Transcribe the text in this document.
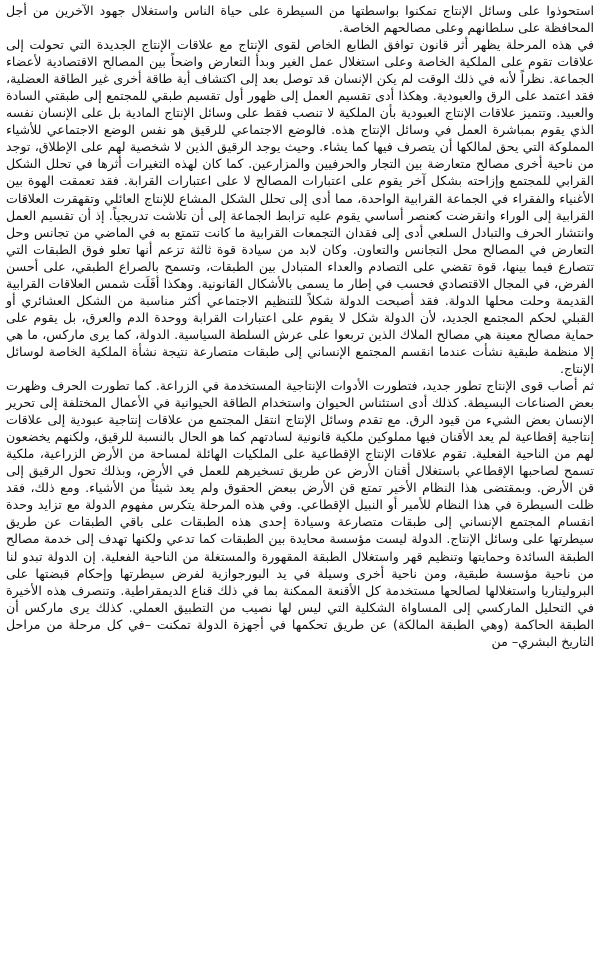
استحوذوا على وسائل الإنتاج تمكنوا بواسطتها من السيطرة على حياة الناس واستغلال جهود الآخرين من أجل المحافظة على سلطانهم وعلى مصالحهم الخاصة.

في هذه المرحلة يظهر أثر قانون توافق الطابع الخاص لقوى الإنتاج مع علاقات الإنتاج الجديدة التي تحولت إلى علاقات تقوم على الملكية الخاصة وعلى استغلال عمل الغير وبدأ التعارض واضحاً بين المصالح الاقتصادية لأعضاء الجماعة. نظراً لأنه في ذلك الوقت لم يكن الإنسان قد توصل بعد إلى اكتشاف أية طاقة أخرى غير الطاقة العضلية، فقد اعتمد على الرق والعبودية. وهكذا أدى تقسيم العمل إلى ظهور أول تقسيم طبقي للمجتمع إلى طبقتي السادة والعبيد. وتتميز علاقات الإنتاج العبودية بأن الملكية لا تنصب فقط على وسائل الإنتاج المادية بل على الإنسان نفسه الذي يقوم بمباشرة العمل في وسائل الإنتاج هذه. فالوضع الاجتماعي للرقيق هو نفس الوضع الاجتماعي للأشياء المملوكة التي يحق لمالكها أن يتصرف فيها كما يشاء. وحيث يوجد الرقيق الذين لا شخصية لهم على الإطلاق، توجد من ناحية أخرى مصالح متعارضة بين التجار والحرفيين والمزارعين. كما كان لهذه التغيرات أثرها في تحلل الشكل القرابي للمجتمع وإزاحته بشكل آخر يقوم على اعتبارات المصالح لا على اعتبارات القرابة. فقد تعمقت الهوة بين الأغنياء والفقراء في الجماعة القرابية الواحدة، مما أدى إلى تحلل الشكل المشاع للإنتاج العائلي وتقهقرت العلاقات القرابية إلى الوراء وانقرضت كعنصر أساسي يقوم عليه ترابط الجماعة إلى أن تلاشت تدريجياً. إذ أن تقسيم العمل وانتشار الحرف والتبادل السلعي أدى إلى فقدان التجمعات القرابية ما كانت تتمتع به في الماضي من تجانس وحل التعارض في المصالح محل التجانس والتعاون. وكان لابد من سيادة قوة ثالثة تزعم أنها تعلو فوق الطبقات التي تتصارع فيما بينها، قوة تقضي على التصادم والعداء المتبادل بين الطبقات، وتسمح بالصراع الطبقي، على أحسن الفرض، في المجال الاقتصادي فحسب في إطار ما يسمى بالأشكال القانونية. وهكذا أفَلَت شمس العلاقات القرابية القديمة وحلت محلها الدولة. فقد أصبحت الدولة شكلاً للتنظيم الاجتماعي أكثر مناسبة من الشكل العشائري أو القبلي لحكم المجتمع الجديد، لأن الدولة شكل لا يقوم على اعتبارات القرابة ووحدة الدم والعرق، بل يقوم على حماية مصالح معينة هي مصالح الملاك الذين تربعوا على عرش السلطة السياسية. الدولة، كما يرى ماركس، ما هي إلا منظمة طبقية نشأت عندما انقسم المجتمع الإنساني إلى طبقات متصارعة نتيجة نشأة الملكية الخاصة لوسائل الإنتاج.

ثم أصاب قوى الإنتاج تطور جديد، فتطورت الأدوات الإنتاجية المستخدمة في الزراعة. كما تطورت الحرف وظهرت بعض الصناعات البسيطة. كذلك أدى استئناس الحيوان واستخدام الطاقة الحيوانية في الأعمال المختلفة إلى تحرير الإنسان بعض الشيء من قيود الرق. مع تقدم وسائل الإنتاج انتقل المجتمع من علاقات إنتاجية عبودية إلى علاقات إنتاجية إقطاعية لم يعد الأقنان فيها مملوكين ملكية قانونية لسادتهم كما هو الحال بالنسبة للرقيق، ولكنهم يخضعون لهم من الناحية الفعلية. تقوم علاقات الإنتاج الإقطاعية على الملكيات الهائلة لمساحة من الأرض الزراعية، ملكية تسمح لصاحبها الإقطاعي باستغلال أقنان الأرض عن طريق تسخيرهم للعمل في الأرض، وبذلك تحول الرقيق إلى قن الأرض. وبمقتضى هذا النظام الأخير تمتع قن الأرض ببعض الحقوق ولم يعد شيئاً من الأشياء. ومع ذلك، فقد ظلت السيطرة في هذا النظام للأمير أو النبيل الإقطاعي. وفي هذه المرحلة يتكرس مفهوم الدولة مع تزايد وحدة انقسام المجتمع الإنساني إلى طبقات متصارعة وسيادة إحدى هذه الطبقات على باقي الطبقات عن طريق سيطرتها على وسائل الإنتاج. الدولة ليست مؤسسة محايدة بين الطبقات كما تدعي ولكنها تهدف إلى خدمة مصالح الطبقة السائدة وحمايتها وتنظيم قهر واستغلال الطبقة المقهورة والمستغلة من الناحية الفعلية. إن الدولة تبدو لنا من ناحية مؤسسة طبقية، ومن ناحية أخرى وسيلة في يد البورجوازية لفرض سيطرتها وإحكام قبضتها على البروليتاريا واستغلالها لصالحها مستخدمة كل الأقنعة الممكنة بما في ذلك قناع الديمقراطية. وتنصرف هذه الأخيرة في التحليل الماركسي إلى المساواة الشكلية التي ليس لها نصيب من التطبيق العملي. كذلك يرى ماركس أن الطبقة الحاكمة (وهي الطبقة المالكة) عن طريق تحكمها في أجهزة الدولة تمكنت –في كل مرحلة من مراحل التاريخ البشري– من
